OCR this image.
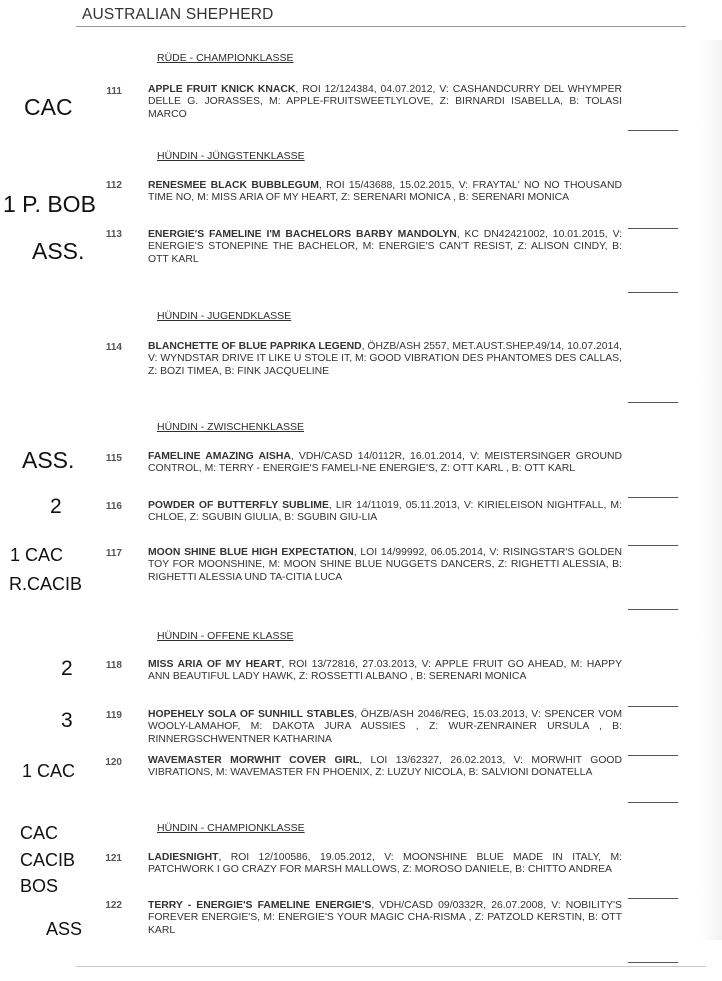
AUSTRALIAN SHEPHERD
RÜDE - CHAMPIONKLASSE
HÜNDIN - JÜNGSTENKLASSE
HÜNDIN - JUGENDKLASSE
HÜNDIN - ZWISCHENKLASSE
HÜNDIN - OFFENE KLASSE
HÜNDIN - CHAMPIONKLASSE
111
112
113
114
115
116
117
118
119
120
121
122
APPLE FRUIT KNICK KNACK, ROI 12/124384, 04.07.2012, V: CASHANDCURRY DEL WHYMPER DELLE G. JORASSES, M: APPLE-FRUITSWEETLYLOVE, Z: BIRNARDI ISABELLA, B: TOLASI MARCO
RENESMEE BLACK BUBBLEGUM, ROI 15/43688, 15.02.2015, V: FRAYTAL' NO NO THOUSAND TIME NO, M: MISS ARIA OF MY HEART, Z: SERENARI MONICA , B: SERENARI MONICA
ENERGIE'S FAMELINE I'M BACHELORS BARBY MANDOLYN, KC DN42421002, 10.01.2015, V: ENERGIE'S STONEPINE THE BACHELOR, M: ENERGIE'S CAN'T RESIST, Z: ALISON CINDY, B: OTT KARL
BLANCHETTE OF BLUE PAPRIKA LEGEND, ÖHZB/ASH 2557, MET.AUST.SHEP.49/14, 10.07.2014, V: WYNDSTAR DRIVE IT LIKE U STOLE IT, M: GOOD VIBRATION DES PHANTOMES DES CALLAS, Z: BOZI TIMEA, B: FINK JACQUELINE
FAMELINE AMAZING AISHA, VDH/CASD 14/0112R, 16.01.2014, V: MEISTERSINGER GROUND CONTROL, M: TERRY - ENERGIE'S FAMELI-NE ENERGIE'S, Z: OTT KARL , B: OTT KARL
POWDER OF BUTTERFLY SUBLIME, LIR 14/11019, 05.11.2013, V: KIRIELEISON NIGHTFALL, M: CHLOE, Z: SGUBIN GIULIA, B: SGUBIN GIU-LIA
MOON SHINE BLUE HIGH EXPECTATION, LOI 14/99992, 06.05.2014, V: RISINGSTAR'S GOLDEN TOY FOR MOONSHINE, M: MOON SHINE BLUE NUGGETS DANCERS, Z: RIGHETTI ALESSIA, B: RIGHETTI ALESSIA UND TA-CITIA LUCA
MISS ARIA OF MY HEART, ROI 13/72816, 27.03.2013, V: APPLE FRUIT GO AHEAD, M: HAPPY ANN BEAUTIFUL LADY HAWK, Z: ROSSETTI ALBANO , B: SERENARI MONICA
HOPEHELY SOLA OF SUNHILL STABLES, ÖHZB/ASH 2046/REG, 15.03.2013, V: SPENCER VOM WOOLY-LAMAHOF, M: DAKOTA JURA AUSSIES , Z: WUR-ZENRAINER URSULA , B: RINNERGSCHWENTNER KATHARINA
WAVEMASTER MORWHIT COVER GIRL, LOI 13/62327, 26.02.2013, V: MORWHIT GOOD VIBRATIONS, M: WAVEMASTER FN PHOENIX, Z: LUZUY NICOLA, B: SALVIONI DONATELLA
LADIESNIGHT, ROI 12/100586, 19.05.2012, V: MOONSHINE BLUE MADE IN ITALY, M: PATCHWORK I GO CRAZY FOR MARSH MALLOWS, Z: MOROSO DANIELE, B: CHITTO ANDREA
TERRY - ENERGIE'S FAMELINE ENERGIE'S, VDH/CASD 09/0332R, 26.07.2008, V: NOBILITY'S FOREVER ENERGIE'S, M: ENERGIE'S YOUR MAGIC CHA-RISMA , Z: PATZOLD KERSTIN, B: OTT KARL
CAC
1 P. BOB
ASS.
ASS.
2
1 CAC
R.CACIB
2
3
1 CAC
CAC
CACIB
BOS
ASS
